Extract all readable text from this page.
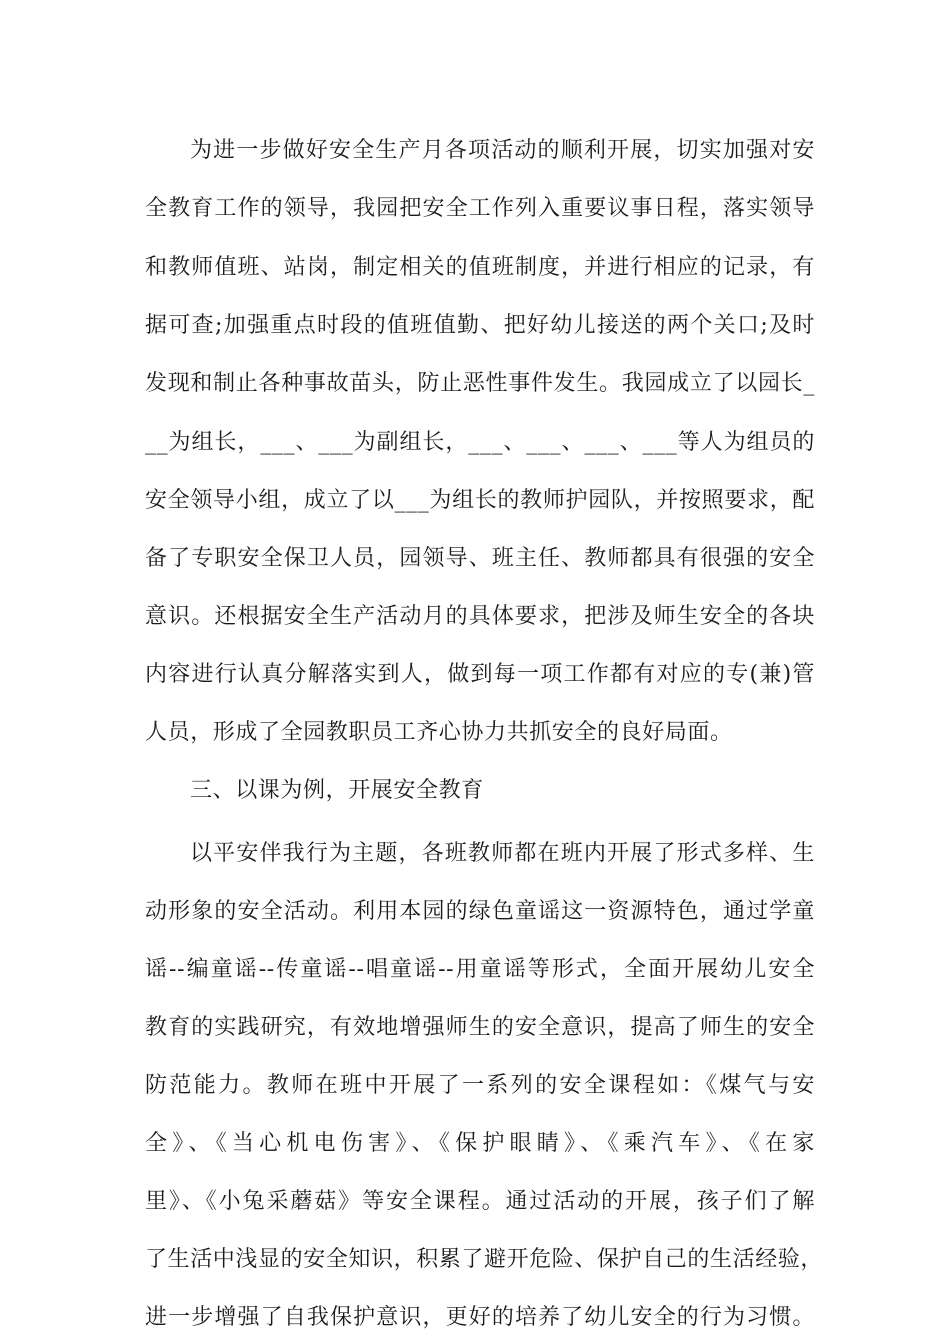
为进一步做好安全生产月各项活动的顺利开展，切实加强对安
全教育工作的领导，我园把安全工作列入重要议事日程，落实领导
和教师值班、站岗，制定相关的值班制度，并进行相应的记录，有
据可查;加强重点时段的值班值勤、把好幼儿接送的两个关口;及时
发现和制止各种事故苗头，防止恶性事件发生。我园成立了以园长_
__为组长，___、___为副组长，___、___、___、___等人为组员的
安全领导小组，成立了以___为组长的教师护园队，并按照要求，配
备了专职安全保卫人员，园领导、班主任、教师都具有很强的安全
意识。还根据安全生产活动月的具体要求，把涉及师生安全的各块
内容进行认真分解落实到人，做到每一项工作都有对应的专(兼)管
人员，形成了全园教职员工齐心协力共抓安全的良好局面。
三、以课为例，开展安全教育
以平安伴我行为主题，各班教师都在班内开展了形式多样、生
动形象的安全活动。利用本园的绿色童谣这一资源特色，通过学童
谣--编童谣--传童谣--唱童谣--用童谣等形式，全面开展幼儿安全
教育的实践研究，有效地增强师生的安全意识，提高了师生的安全
防范能力。教师在班中开展了一系列的安全课程如：《煤气与安
全》、《当心机电伤害》、《保护眼睛》、《乘汽车》、《在家
里》、《小兔采蘑菇》等安全课程。通过活动的开展，孩子们了解
了生活中浅显的安全知识，积累了避开危险、保护自己的生活经验，
进一步增强了自我保护意识，更好的培养了幼儿安全的行为习惯。
